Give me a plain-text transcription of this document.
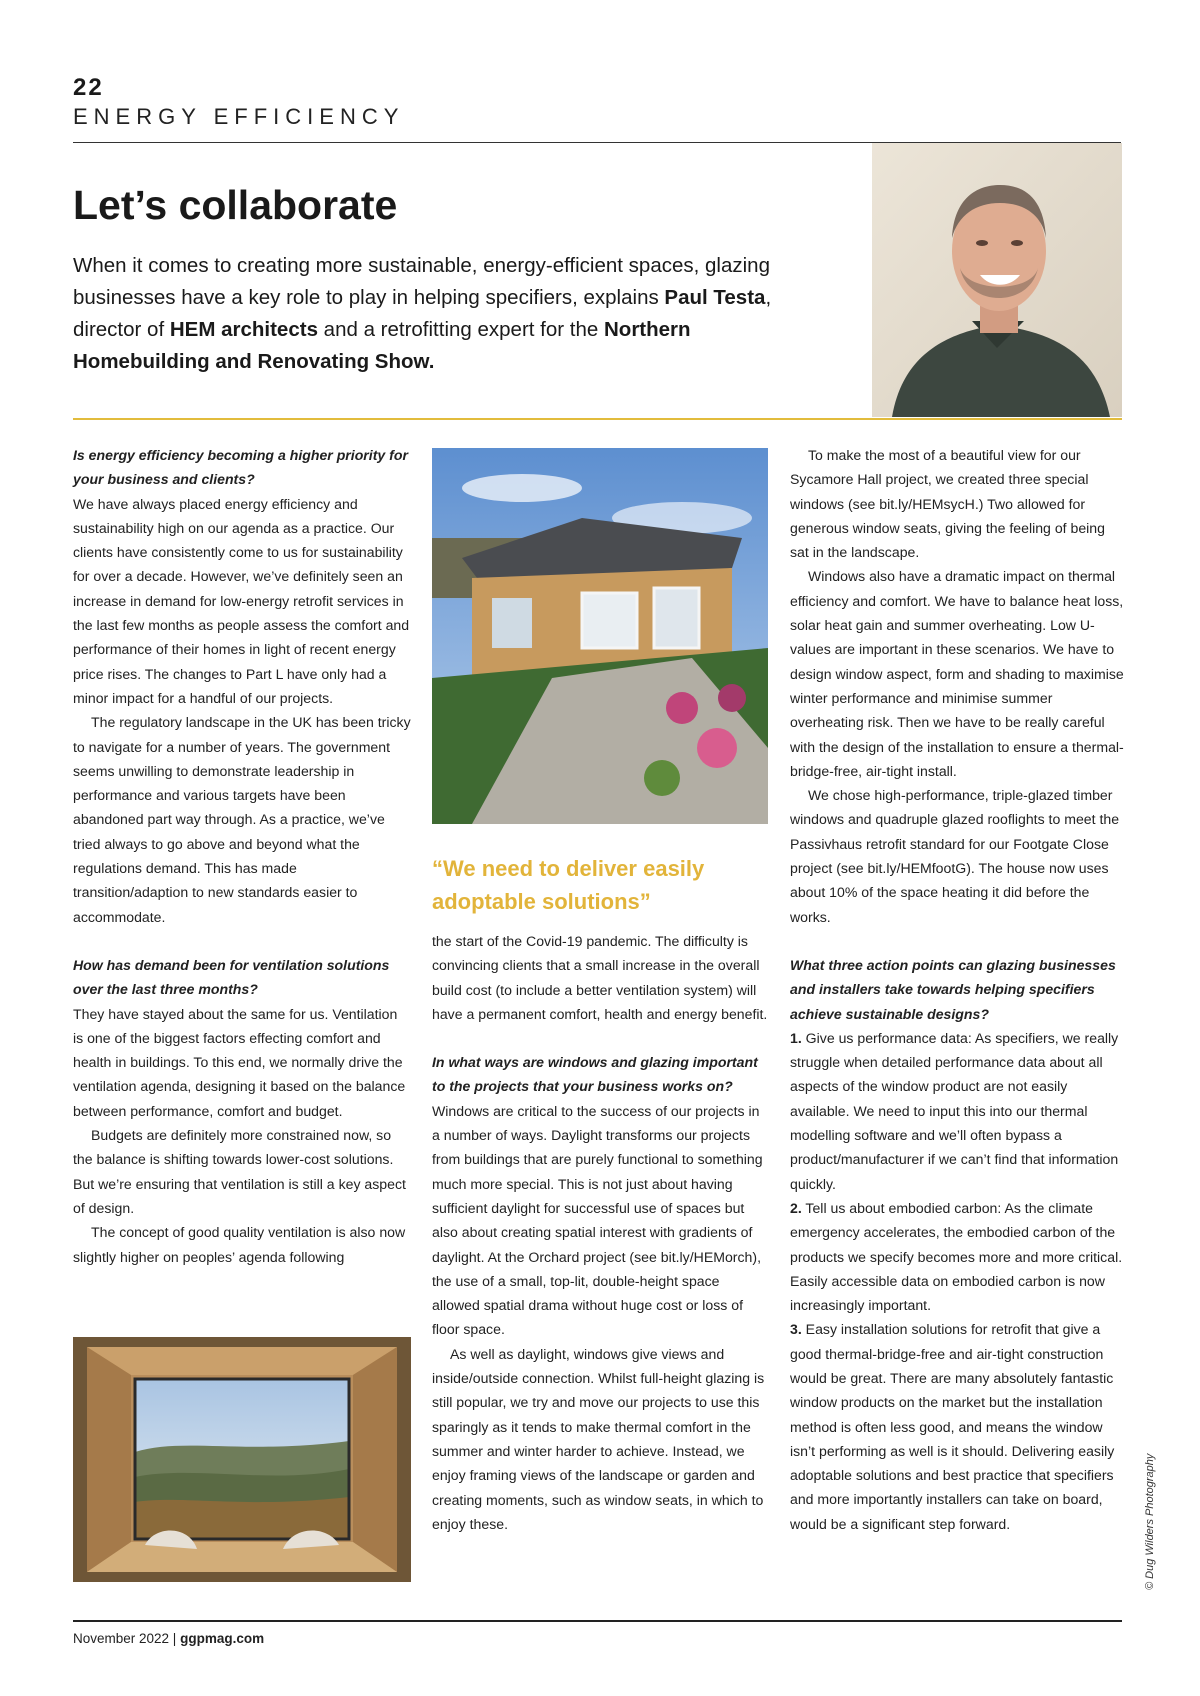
22
ENERGY EFFICIENCY
Let’s collaborate
When it comes to creating more sustainable, energy-efficient spaces, glazing businesses have a key role to play in helping specifiers, explains Paul Testa, director of HEM architects and a retrofitting expert for the Northern Homebuilding and Renovating Show.

Is energy efficiency becoming a higher priority for your business and clients?

We have always placed energy efficiency and sustainability high on our agenda as a practice. Our clients have consistently come to us for sustainability for over a decade. However, we’ve definitely seen an increase in demand for low-energy retrofit services in the last few months as people assess the comfort and performance of their homes in light of recent energy price rises. The changes to Part L have only had a minor impact for a handful of our projects.

The regulatory landscape in the UK has been tricky to navigate for a number of years. The government seems unwilling to demonstrate leadership in performance and various targets have been abandoned part way through. As a practice, we’ve tried always to go above and beyond what the regulations demand. This has made transition/adaption to new standards easier to accommodate.

How has demand been for ventilation solutions over the last three months?

They have stayed about the same for us. Ventilation is one of the biggest factors effecting comfort and health in buildings. To this end, we normally drive the ventilation agenda, designing it based on the balance between performance, comfort and budget.

Budgets are definitely more constrained now, so the balance is shifting towards lower-cost solutions. But we’re ensuring that ventilation is still a key aspect of design.

The concept of good quality ventilation is also now slightly higher on peoples’ agenda following

“We need to deliver easily adoptable solutions”

the start of the Covid-19 pandemic. The difficulty is convincing clients that a small increase in the overall build cost (to include a better ventilation system) will have a permanent comfort, health and energy benefit.

In what ways are windows and glazing important to the projects that your business works on?

Windows are critical to the success of our projects in a number of ways. Daylight transforms our projects from buildings that are purely functional to something much more special. This is not just about having sufficient daylight for successful use of spaces but also about creating spatial interest with gradients of daylight. At the Orchard project (see bit.ly/HEMorch), the use of a small, top-lit, double-height space allowed spatial drama without huge cost or loss of floor space.

As well as daylight, windows give views and inside/outside connection. Whilst full-height glazing is still popular, we try and move our projects to use this sparingly as it tends to make thermal comfort in the summer and winter harder to achieve. Instead, we enjoy framing views of the landscape or garden and creating moments, such as window seats, in which to enjoy these.

To make the most of a beautiful view for our Sycamore Hall project, we created three special windows (see bit.ly/HEMsycH.) Two allowed for generous window seats, giving the feeling of being sat in the landscape.

Windows also have a dramatic impact on thermal efficiency and comfort. We have to balance heat loss, solar heat gain and summer overheating. Low U-values are important in these scenarios. We have to design window aspect, form and shading to maximise winter performance and minimise summer overheating risk. Then we have to be really careful with the design of the installation to ensure a thermal-bridge-free, air-tight install.

We chose high-performance, triple-glazed timber windows and quadruple glazed rooflights to meet the Passivhaus retrofit standard for our Footgate Close project (see bit.ly/HEMfootG). The house now uses about 10% of the space heating it did before the works.

What three action points can glazing businesses and installers take towards helping specifiers achieve sustainable designs?

1. Give us performance data: As specifiers, we really struggle when detailed performance data about all aspects of the window product are not easily available. We need to input this into our thermal modelling software and we’ll often bypass a product/manufacturer if we can’t find that information quickly.

2. Tell us about embodied carbon: As the climate emergency accelerates, the embodied carbon of the products we specify becomes more and more critical. Easily accessible data on embodied carbon is now increasingly important.

3. Easy installation solutions for retrofit that give a good thermal-bridge-free and air-tight construction would be great. There are many absolutely fantastic window products on the market but the installation method is often less good, and means the window isn’t performing as well is it should. Delivering easily adoptable solutions and best practice that specifiers and more importantly installers can take on board, would be a significant step forward.	© Dug Wilders Photography
November 2022 | ggpmag.com
